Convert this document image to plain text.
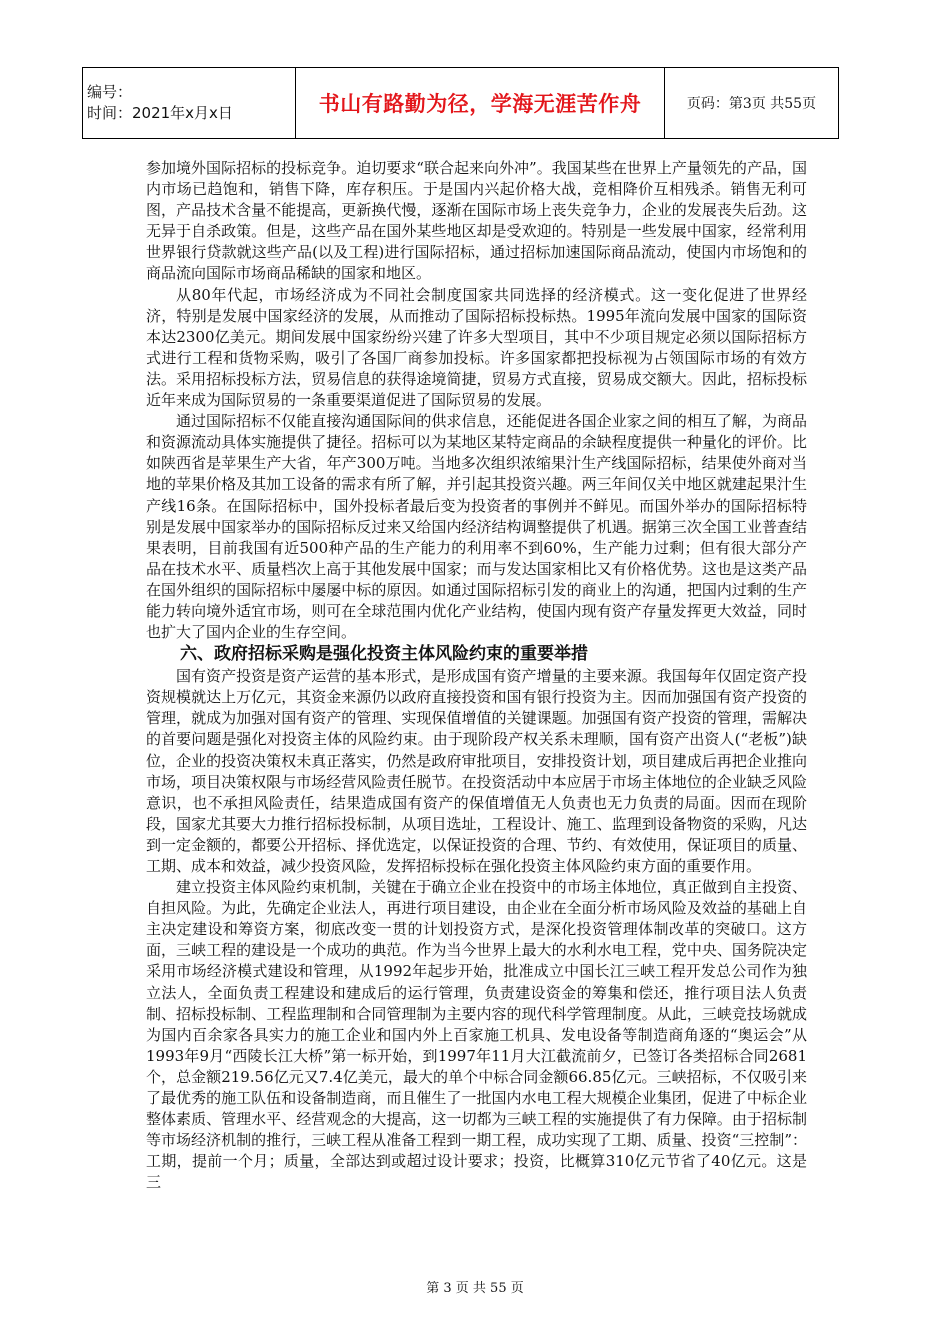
编号：
时间：2021年x月x日	书山有路勤为径，学海无涯苦作舟	页码：第3页 共55页

参加境外国际招标的投标竞争。迫切要求“联合起来向外冲”。我国某些在世界上产量领先的产品，国内市场已趋饱和，销售下降，库存积压。于是国内兴起价格大战，竞相降价互相残杀。销售无利可图，产品技术含量不能提高，更新换代慢，逐渐在国际市场上丧失竞争力，企业的发展丧失后劲。这无异于自杀政策。但是，这些产品在国外某些地区却是受欢迎的。特别是一些发展中国家，经常利用世界银行贷款就这些产品(以及工程)进行国际招标，通过招标加速国际商品流动，使国内市场饱和的商品流向国际市场商品稀缺的国家和地区。

从80年代起，市场经济成为不同社会制度国家共同选择的经济模式。这一变化促进了世界经济，特别是发展中国家经济的发展，从而推动了国际招标投标热。1995年流向发展中国家的国际资本达2300亿美元。期间发展中国家纷纷兴建了许多大型项目，其中不少项目规定必须以国际招标方式进行工程和货物采购，吸引了各国厂商参加投标。许多国家都把投标视为占领国际市场的有效方法。采用招标投标方法，贸易信息的获得途境简捷，贸易方式直接，贸易成交额大。因此，招标投标近年来成为国际贸易的一条重要渠道促进了国际贸易的发展。

通过国际招标不仅能直接沟通国际间的供求信息，还能促进各国企业家之间的相互了解，为商品和资源流动具体实施提供了捷径。招标可以为某地区某特定商品的余缺程度提供一种量化的评价。比如陕西省是苹果生产大省，年产300万吨。当地多次组织浓缩果汁生产线国际招标，结果使外商对当地的苹果价格及其加工设备的需求有所了解，并引起其投资兴趣。两三年间仅关中地区就建起果汁生产线16条。在国际招标中，国外投标者最后变为投资者的事例并不鲜见。而国外举办的国际招标特别是发展中国家举办的国际招标反过来又给国内经济结构调整提供了机遇。据第三次全国工业普查结果表明，目前我国有近500种产品的生产能力的利用率不到60%，生产能力过剩；但有很大部分产品在技术水平、质量档次上高于其他发展中国家；而与发达国家相比又有价格优势。这也是这类产品在国外组织的国际招标中屡屡中标的原因。如通过国际招标引发的商业上的沟通，把国内过剩的生产能力转向境外适宜市场，则可在全球范围内优化产业结构，使国内现有资产存量发挥更大效益，同时也扩大了国内企业的生存空间。

六、政府招标采购是强化投资主体风险约束的重要举措

国有资产投资是资产运营的基本形式，是形成国有资产增量的主要来源。我国每年仅固定资产投资规模就达上万亿元，其资金来源仍以政府直接投资和国有银行投资为主。因而加强国有资产投资的管理，就成为加强对国有资产的管理、实现保值增值的关键课题。加强国有资产投资的管理，需解决的首要问题是强化对投资主体的风险约束。由于现阶段产权关系未理顺，国有资产出资人(“老板”)缺位，企业的投资决策权未真正落实，仍然是政府审批项目，安排投资计划，项目建成后再把企业推向市场，项目决策权限与市场经营风险责任脱节。在投资活动中本应居于市场主体地位的企业缺乏风险意识，也不承担风险责任，结果造成国有资产的保值增值无人负责也无力负责的局面。因而在现阶段，国家尤其要大力推行招标投标制，从项目选址，工程设计、施工、监理到设备物资的采购，凡达到一定金额的，都要公开招标、择优选定，以保证投资的合理、节约、有效使用，保证项目的质量、工期、成本和效益，减少投资风险，发挥招标投标在强化投资主体风险约束方面的重要作用。

建立投资主体风险约束机制，关键在于确立企业在投资中的市场主体地位，真正做到自主投资、自担风险。为此，先确定企业法人，再进行项目建设，由企业在全面分析市场风险及效益的基础上自主决定建设和筹资方案，彻底改变一贯的计划投资方式，是深化投资管理体制改革的突破口。这方面，三峡工程的建设是一个成功的典范。作为当今世界上最大的水利水电工程，党中央、国务院决定采用市场经济模式建设和管理，从1992年起步开始，批准成立中国长江三峡工程开发总公司作为独立法人，全面负责工程建设和建成后的运行管理，负责建设资金的筹集和偿还，推行项目法人负责制、招标投标制、工程监理制和合同管理制为主要内容的现代科学管理制度。从此，三峡竞技场就成为国内百余家各具实力的施工企业和国内外上百家施工机具、发电设备等制造商角逐的“奥运会”从1993年9月“西陵长江大桥”第一标开始，到1997年11月大江截流前夕，已签订各类招标合同2681个，总金额219.56亿元又7.4亿美元，最大的单个中标合同金额66.85亿元。三峡招标，不仅吸引来了最优秀的施工队伍和设备制造商，而且催生了一批国内水电工程大规模企业集团，促进了中标企业整体素质、管理水平、经营观念的大提高，这一切都为三峡工程的实施提供了有力保障。由于招标制等市场经济机制的推行，三峡工程从准备工程到一期工程，成功实现了工期、质量、投资“三控制”：工期，提前一个月；质量，全部达到或超过设计要求；投资，比概算310亿元节省了40亿元。这是三

第 3 页 共 55 页
